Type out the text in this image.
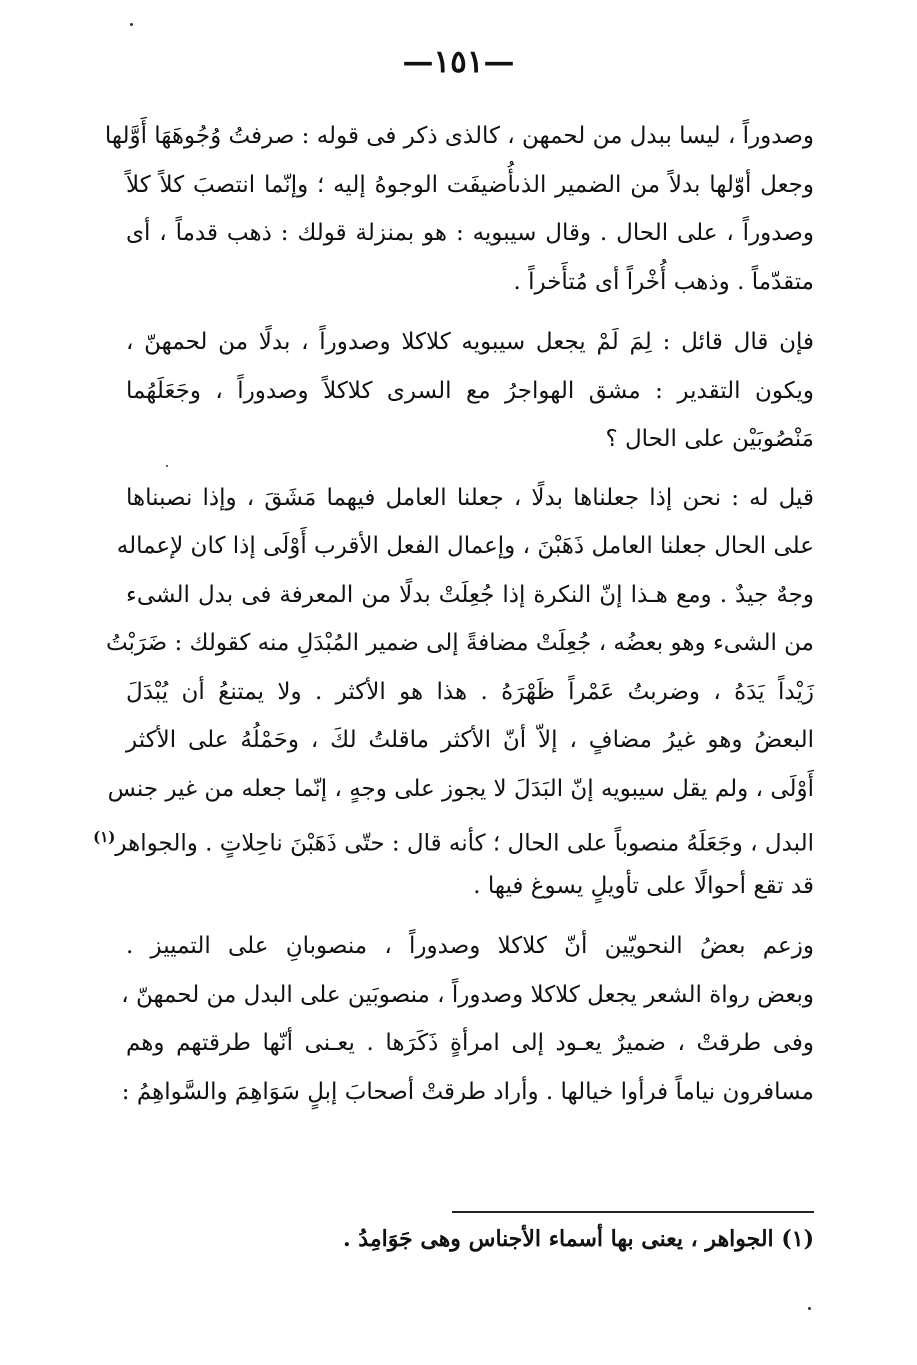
—١٥١—
وصدوراً ، ليسا ببدل من لحمهن ، كالذى ذكر فى قوله : صرفتُ وُجُوهَهَا أَوَّلها
وجعل أوّلها بدلاً من الضمير الذىأُضيفَت الوجوهُ إليه ؛ وإنّما انتصبَ كلاً كلاً
وصدوراً ، على الحال . وقال سيبويه : هو بمنزلة قولك : ذهب قدماً ، أى
متقدّماً . وذهب أُخْراً أى مُتأَخراً .
فإن قال قائل : لِمَ لَمْ يجعل سيبويه كلاكلا وصدوراً ، بدلًا من لحمهنّ ،
ويكون التقدير : مشق الهواجرُ مع السرى كلاكلاً وصدوراً ، وجَعَلَهُما
مَنْصُوبَيْن على الحال ؟
قيل له : نحن إذا جعلناها بدلًا ، جعلنا العامل فيهما مَشَقَ ، وإذا نصبناها
على الحال جعلنا العامل ذَهَبْنَ ، وإعمال الفعل الأقرب أَوْلَى إذا كان لإعماله
وجهٌ جيدٌ . ومع هـذا إنّ النكرة إذا جُعِلَتْ بدلًا من المعرفة فى بدل الشىء
من الشىء وهو بعضُه ، جُعِلَتْ مضافةً إلى ضمير المُبْدَلِ منه كقولك : ضَرَبْتُ
زَيْداً يَدَهُ ، وضربتُ عَمْراً ظَهْرَهُ . هذا هو الأكثر . ولا يمتنعُ أن يُبْدَلَ
البعضُ وهو غيرُ مضافٍ ، إلاّ أنّ الأكثر ماقلتُ لكَ ، وحَمْلُهُ على الأكثر
أَوْلَى ، ولم يقل سيبويه إنّ البَدَلَ لا يجوز على وجهٍ ، إنّما جعله من غير جنس
البدل ، وجَعَلَهُ منصوباً على الحال ؛ كأنه قال : حتّى ذَهَبْنَ ناحِلاتٍ . والجواهر$^{(١)}$
قد تقع أحوالًا على تأويلٍ يسوغ فيها .
وزعم بعضُ النحويّين أنّ كلاكلا وصدوراً ، منصوبانِ على التمييز .
وبعض رواة الشعر يجعل كلاكلا وصدوراً ، منصوبَين على البدل من لحمهنّ ،
وفى طرقتْ ، ضميرٌ يعـود إلى امرأةٍ ذَكَرَها . يعـنى أنّها طرقتهم وهم
مسافرون نياماً فرأوا خيالها . وأراد طرقتْ أصحابَ إبلٍ سَوَاهِمَ والسَّواهِمُ :
(١) الجواهر ، يعنى بها أسماء الأجناس وهى جَوَامِدُ .
